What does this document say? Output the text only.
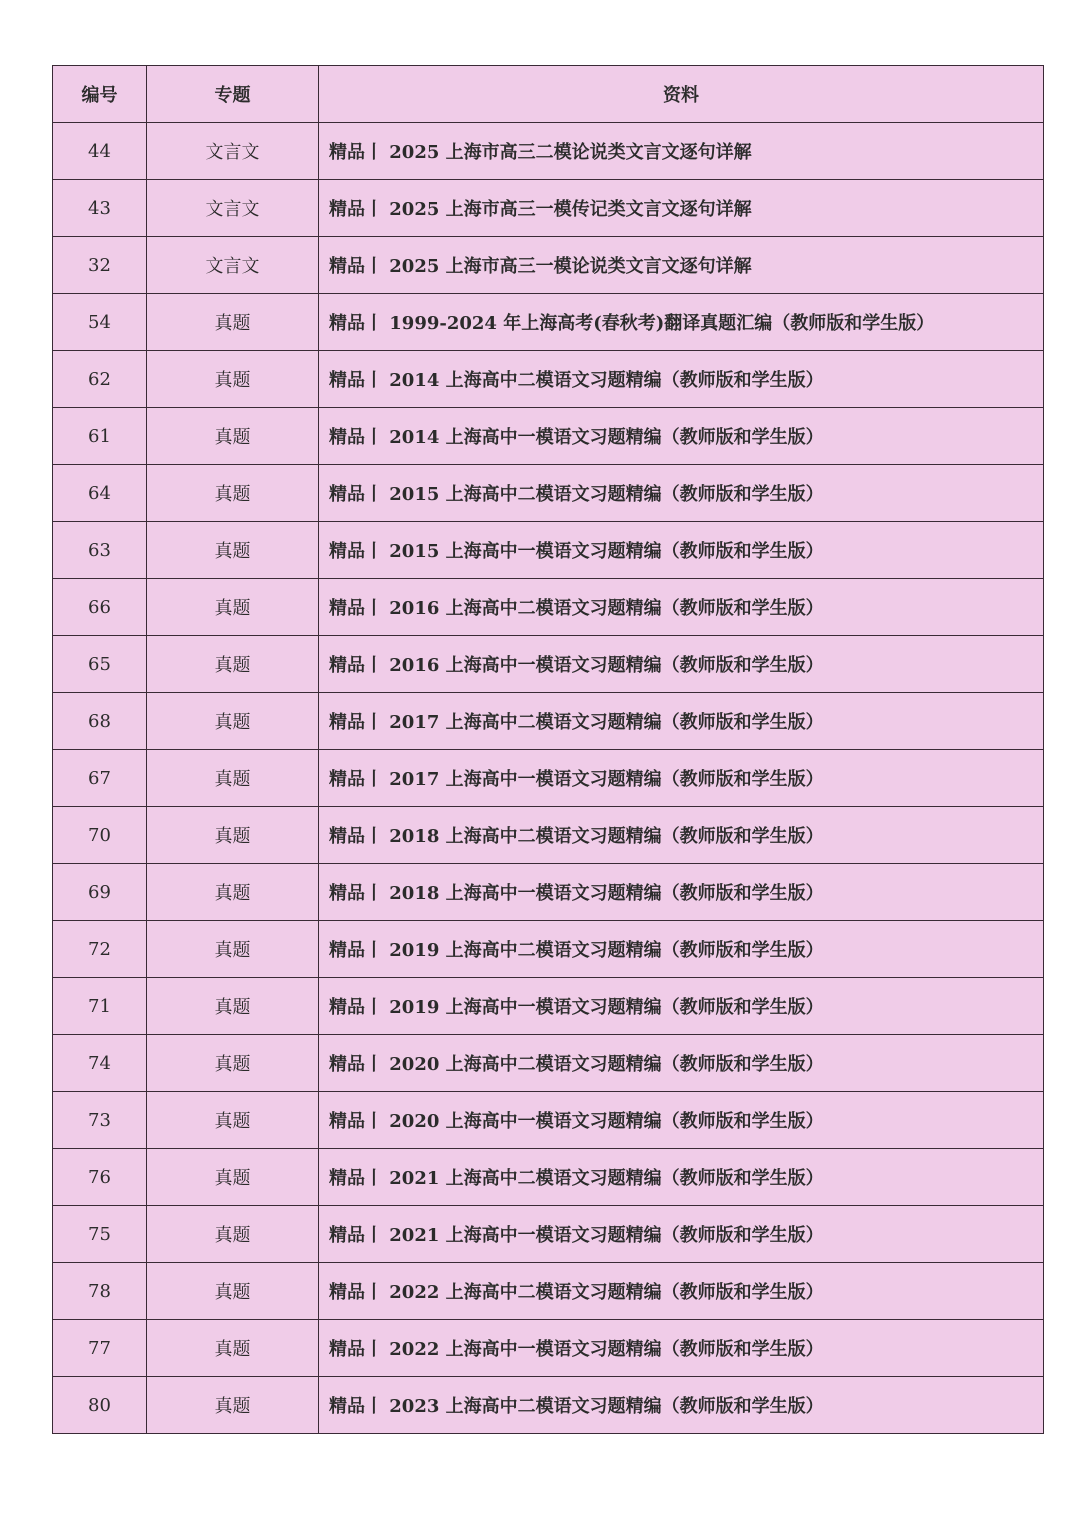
编号	专题	资料
44	文言文	精品丨 2025 上海市高三二模论说类文言文逐句详解
43	文言文	精品丨 2025 上海市高三一模传记类文言文逐句详解
32	文言文	精品丨 2025 上海市高三一模论说类文言文逐句详解
54	真题	精品丨 1999-2024 年上海高考(春秋考)翻译真题汇编（教师版和学生版）
62	真题	精品丨 2014 上海高中二模语文习题精编（教师版和学生版）
61	真题	精品丨 2014 上海高中一模语文习题精编（教师版和学生版）
64	真题	精品丨 2015 上海高中二模语文习题精编（教师版和学生版）
63	真题	精品丨 2015 上海高中一模语文习题精编（教师版和学生版）
66	真题	精品丨 2016 上海高中二模语文习题精编（教师版和学生版）
65	真题	精品丨 2016 上海高中一模语文习题精编（教师版和学生版）
68	真题	精品丨 2017 上海高中二模语文习题精编（教师版和学生版）
67	真题	精品丨 2017 上海高中一模语文习题精编（教师版和学生版）
70	真题	精品丨 2018 上海高中二模语文习题精编（教师版和学生版）
69	真题	精品丨 2018 上海高中一模语文习题精编（教师版和学生版）
72	真题	精品丨 2019 上海高中二模语文习题精编（教师版和学生版）
71	真题	精品丨 2019 上海高中一模语文习题精编（教师版和学生版）
74	真题	精品丨 2020 上海高中二模语文习题精编（教师版和学生版）
73	真题	精品丨 2020 上海高中一模语文习题精编（教师版和学生版）
76	真题	精品丨 2021 上海高中二模语文习题精编（教师版和学生版）
75	真题	精品丨 2021 上海高中一模语文习题精编（教师版和学生版）
78	真题	精品丨 2022 上海高中二模语文习题精编（教师版和学生版）
77	真题	精品丨 2022 上海高中一模语文习题精编（教师版和学生版）
80	真题	精品丨 2023 上海高中二模语文习题精编（教师版和学生版）
